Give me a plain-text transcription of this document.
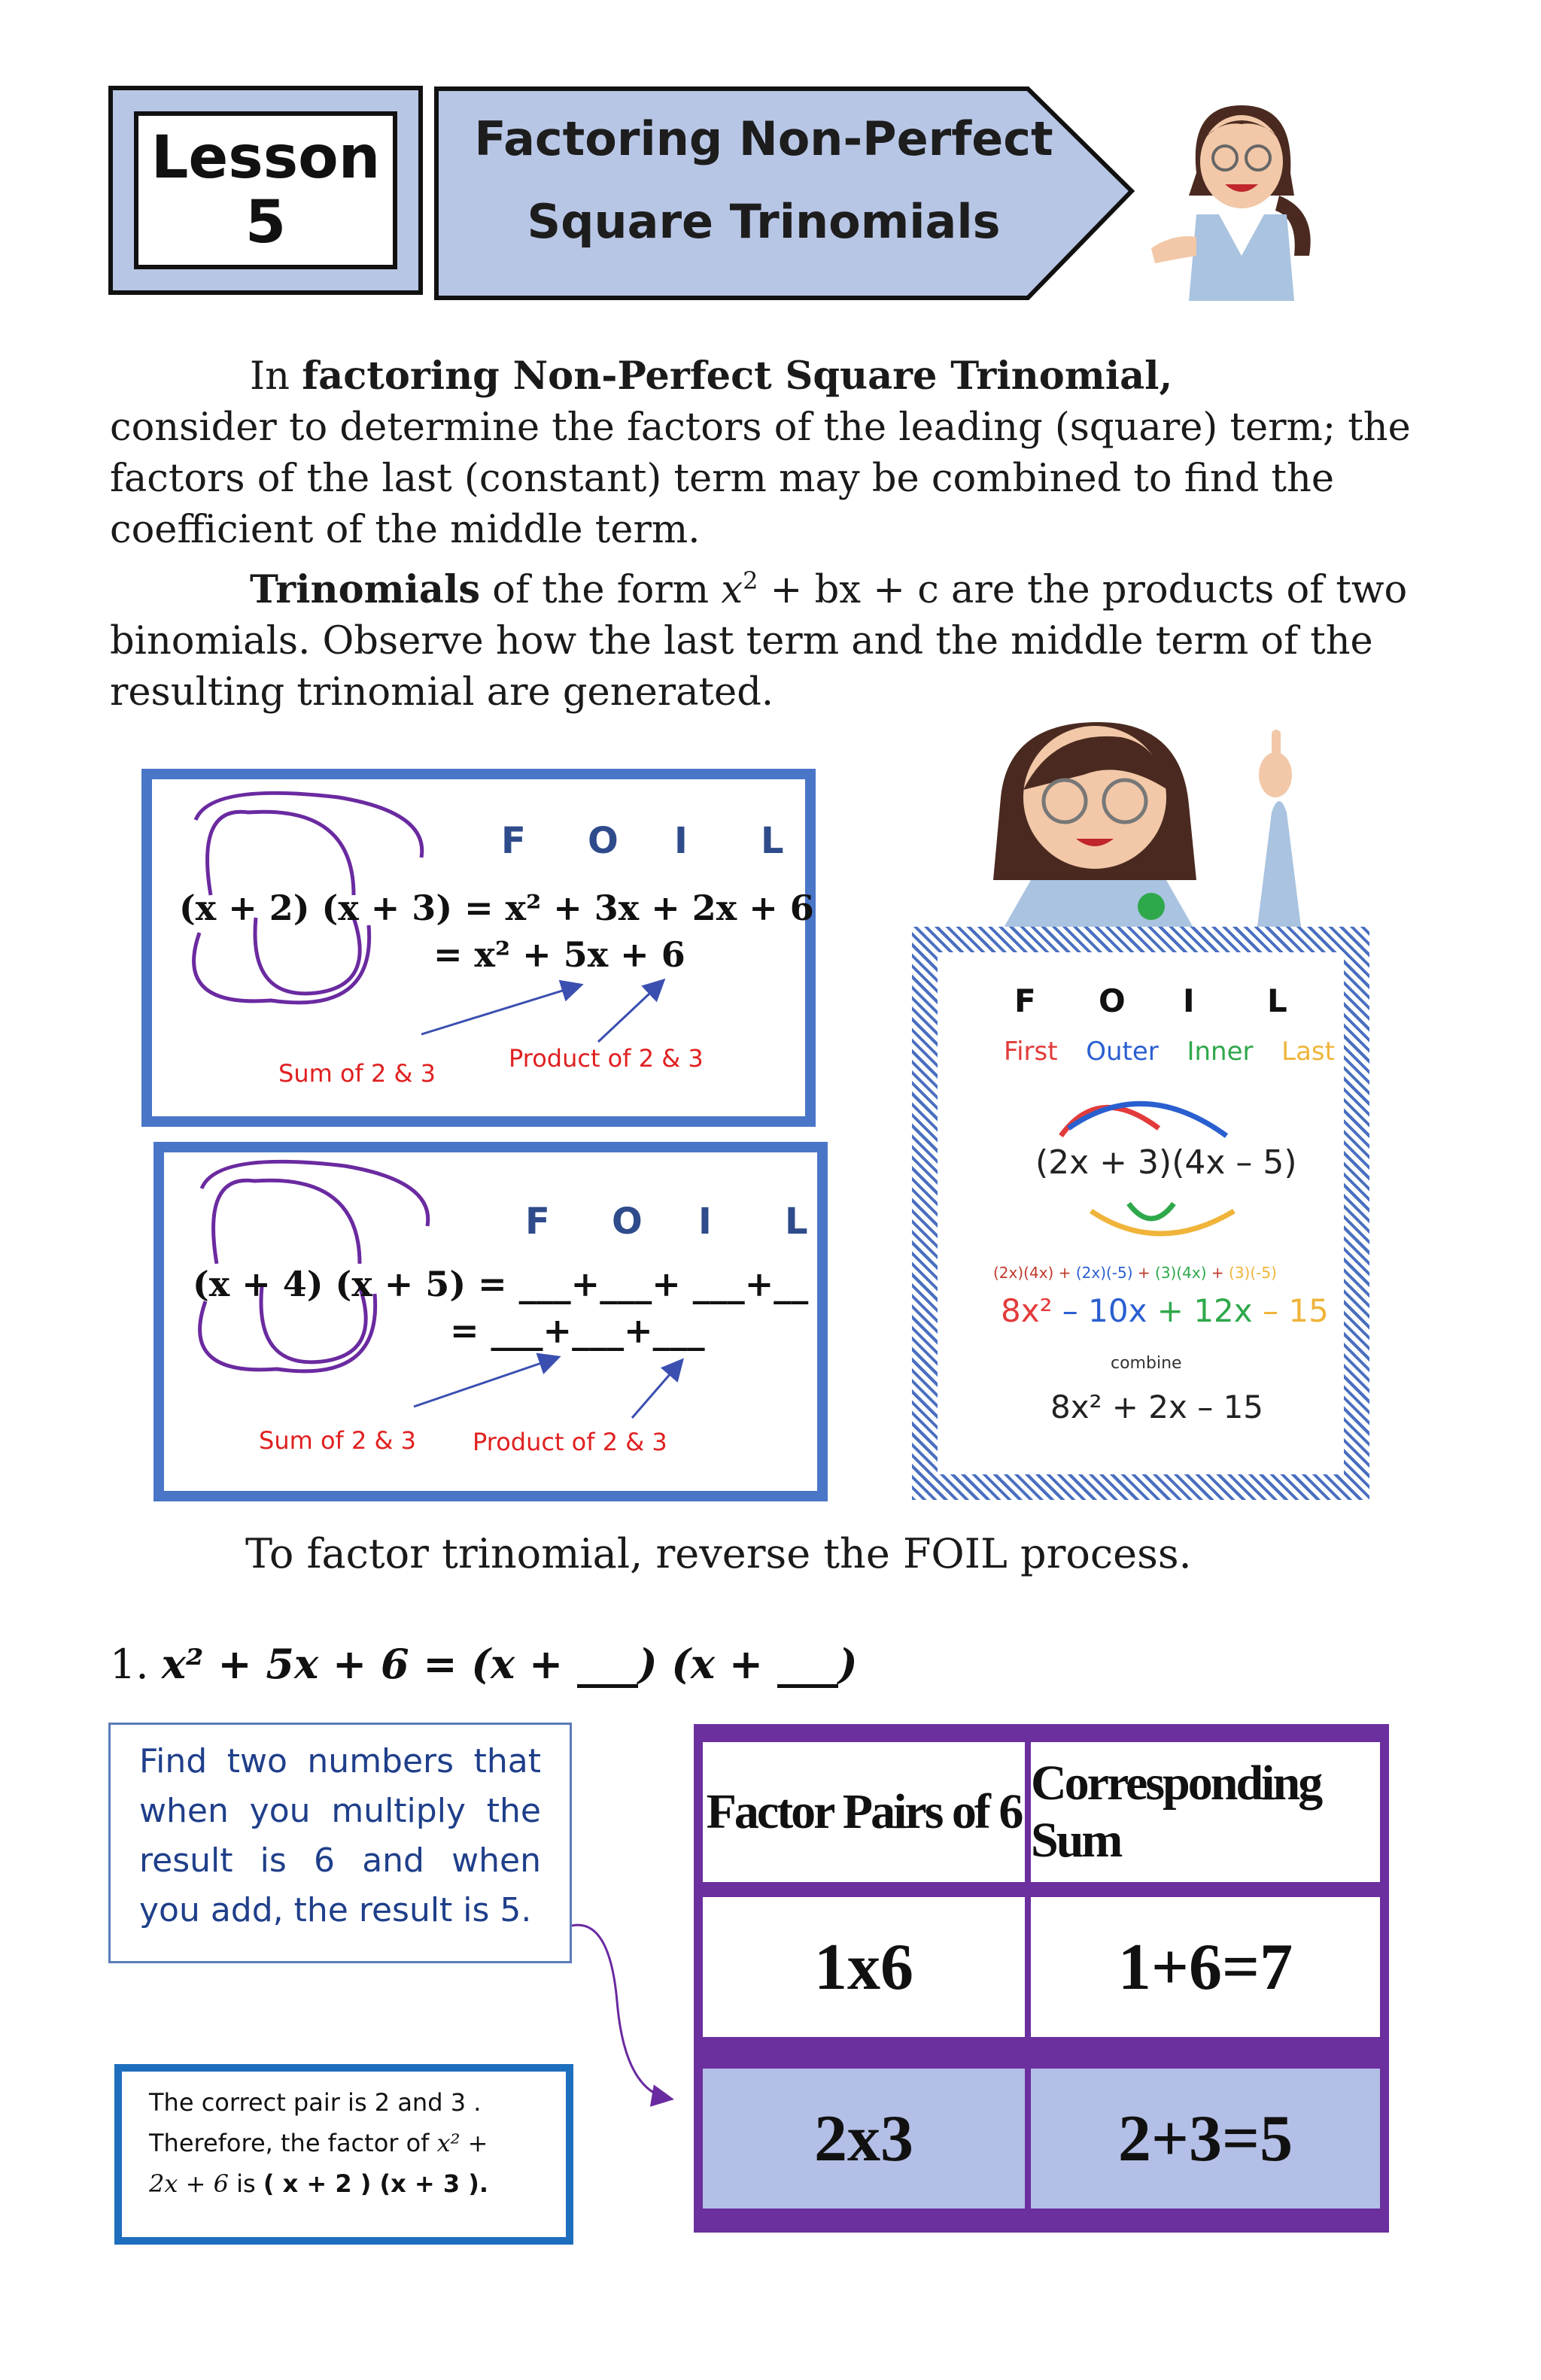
Lesson
5
Factoring Non-Perfect
Square Trinomials
In factoring Non-Perfect Square Trinomial,
consider to determine the factors of the leading (square) term; the
factors of the last (constant) term may be combined to find the
coefficient of the middle term.
Trinomials of the form $x^2$ + bx + c are the products of two
binomials. Observe how the last term and the middle term of the
resulting trinomial are generated.
F O I L
(x + 2) (x + 3) = x² + 3x + 2x + 6
= x² + 5x + 6
Sum of 2 & 3
Product of 2 & 3
F O I L
(x + 4) (x + 5) = ___+___+ ___+__
= ___+___+___
Sum of 2 & 3 Product of 2 & 3
F O I L
First Outer Inner Last
(2x + 3)(4x – 5)
(2x)(4x) + (2x)(-5) + (3)(4x) + (3)(-5)
8x² – 10x + 12x – 15
combine
8x² + 2x – 15
To factor trinomial, reverse the FOIL process.
1. x² + 5x + 6 = (x + ___) (x + ___)
Find two numbers that when you multiply the result is 6 and when you add, the result is 5.
The correct pair is 2 and 3 .
Therefore, the factor of x² +
2x + 6 is ( x + 2 ) (x + 3 ).
Factor Pairs of 6
Corresponding Sum
1x6	1+6=7
2x3	2+3=5
